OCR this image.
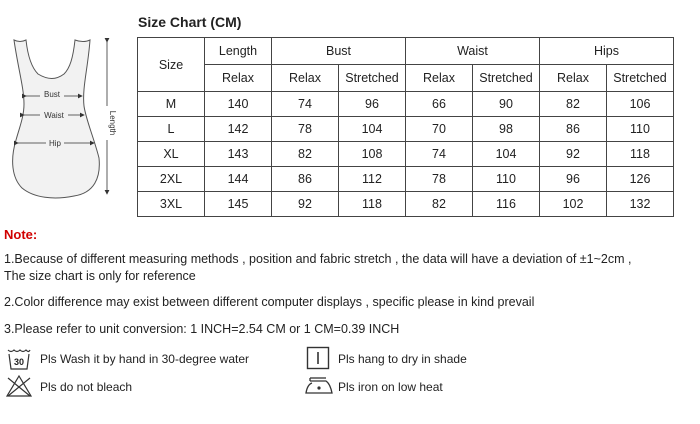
Bust
Waist
Hip
Length
Size Chart (CM)
Size	Length	Bust		Waist		Hips	
	Relax	Relax	Stretched	Relax	Stretched	Relax	Stretched
M	140	74	96	66	90	82	106
L	142	78	104	70	98	86	110
XL	143	82	108	74	104	92	118
2XL	144	86	112	78	110	96	126
3XL	145	92	118	82	116	102	132
Note:
1.Because of different measuring methods , position and fabric stretch , the data will have a deviation of ±1~2cm ,
The size chart is only for reference
2.Color difference may exist between different computer displays , specific please in kind prevail
3.Please refer to unit conversion: 1 INCH=2.54 CM or 1 CM=0.39 INCH
30 Pls Wash it by hand in 30-degree water	Pls hang to dry in shade
Pls do not bleach	Pls iron on low heat
